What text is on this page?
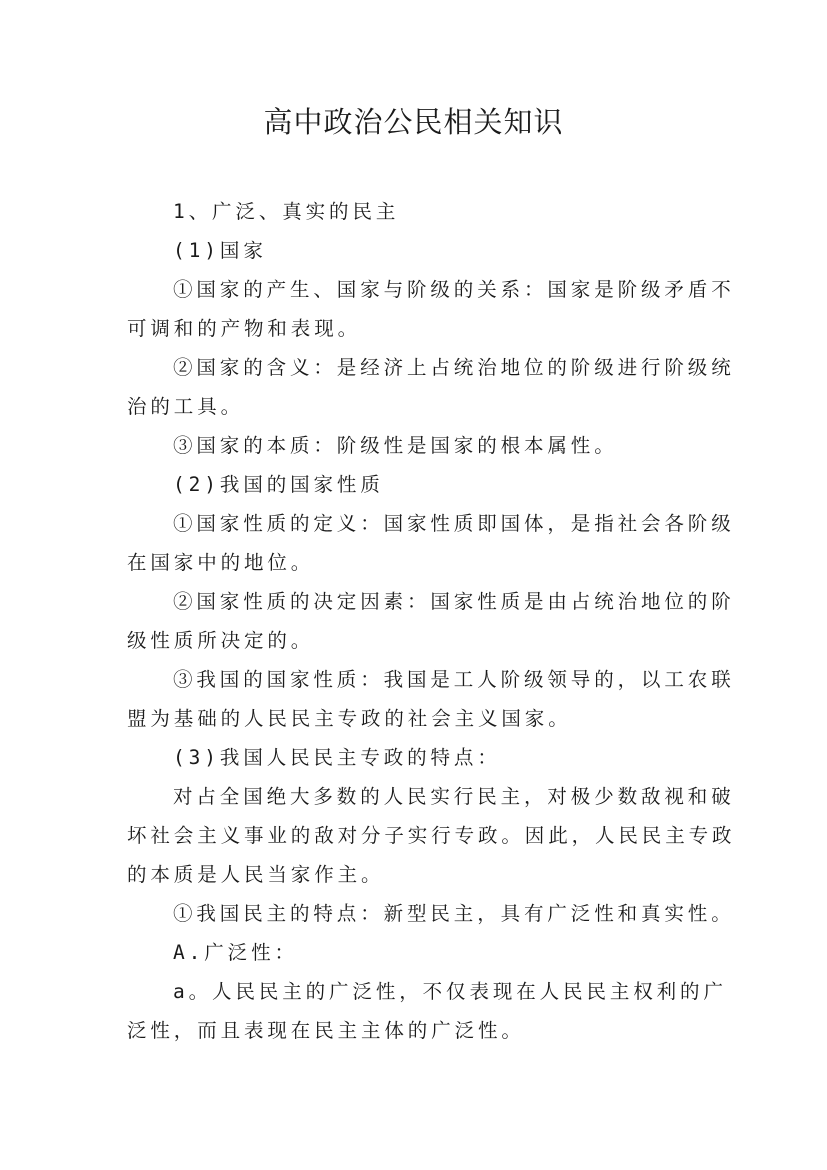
高中政治公民相关知识

1、广泛、真实的民主

(1)国家

①国家的产生、国家与阶级的关系：国家是阶级矛盾不

可调和的产物和表现。

②国家的含义：是经济上占统治地位的阶级进行阶级统

治的工具。

③国家的本质：阶级性是国家的根本属性。

(2)我国的国家性质

①国家性质的定义：国家性质即国体，是指社会各阶级

在国家中的地位。

②国家性质的决定因素：国家性质是由占统治地位的阶

级性质所决定的。

③我国的国家性质：我国是工人阶级领导的，以工农联

盟为基础的人民民主专政的社会主义国家。

(3)我国人民民主专政的特点：

对占全国绝大多数的人民实行民主，对极少数敌视和破

坏社会主义事业的敌对分子实行专政。因此，人民民主专政

的本质是人民当家作主。

①我国民主的特点：新型民主，具有广泛性和真实性。

A.广泛性：

a。人民民主的广泛性，不仅表现在人民民主权利的广

泛性，而且表现在民主主体的广泛性。
